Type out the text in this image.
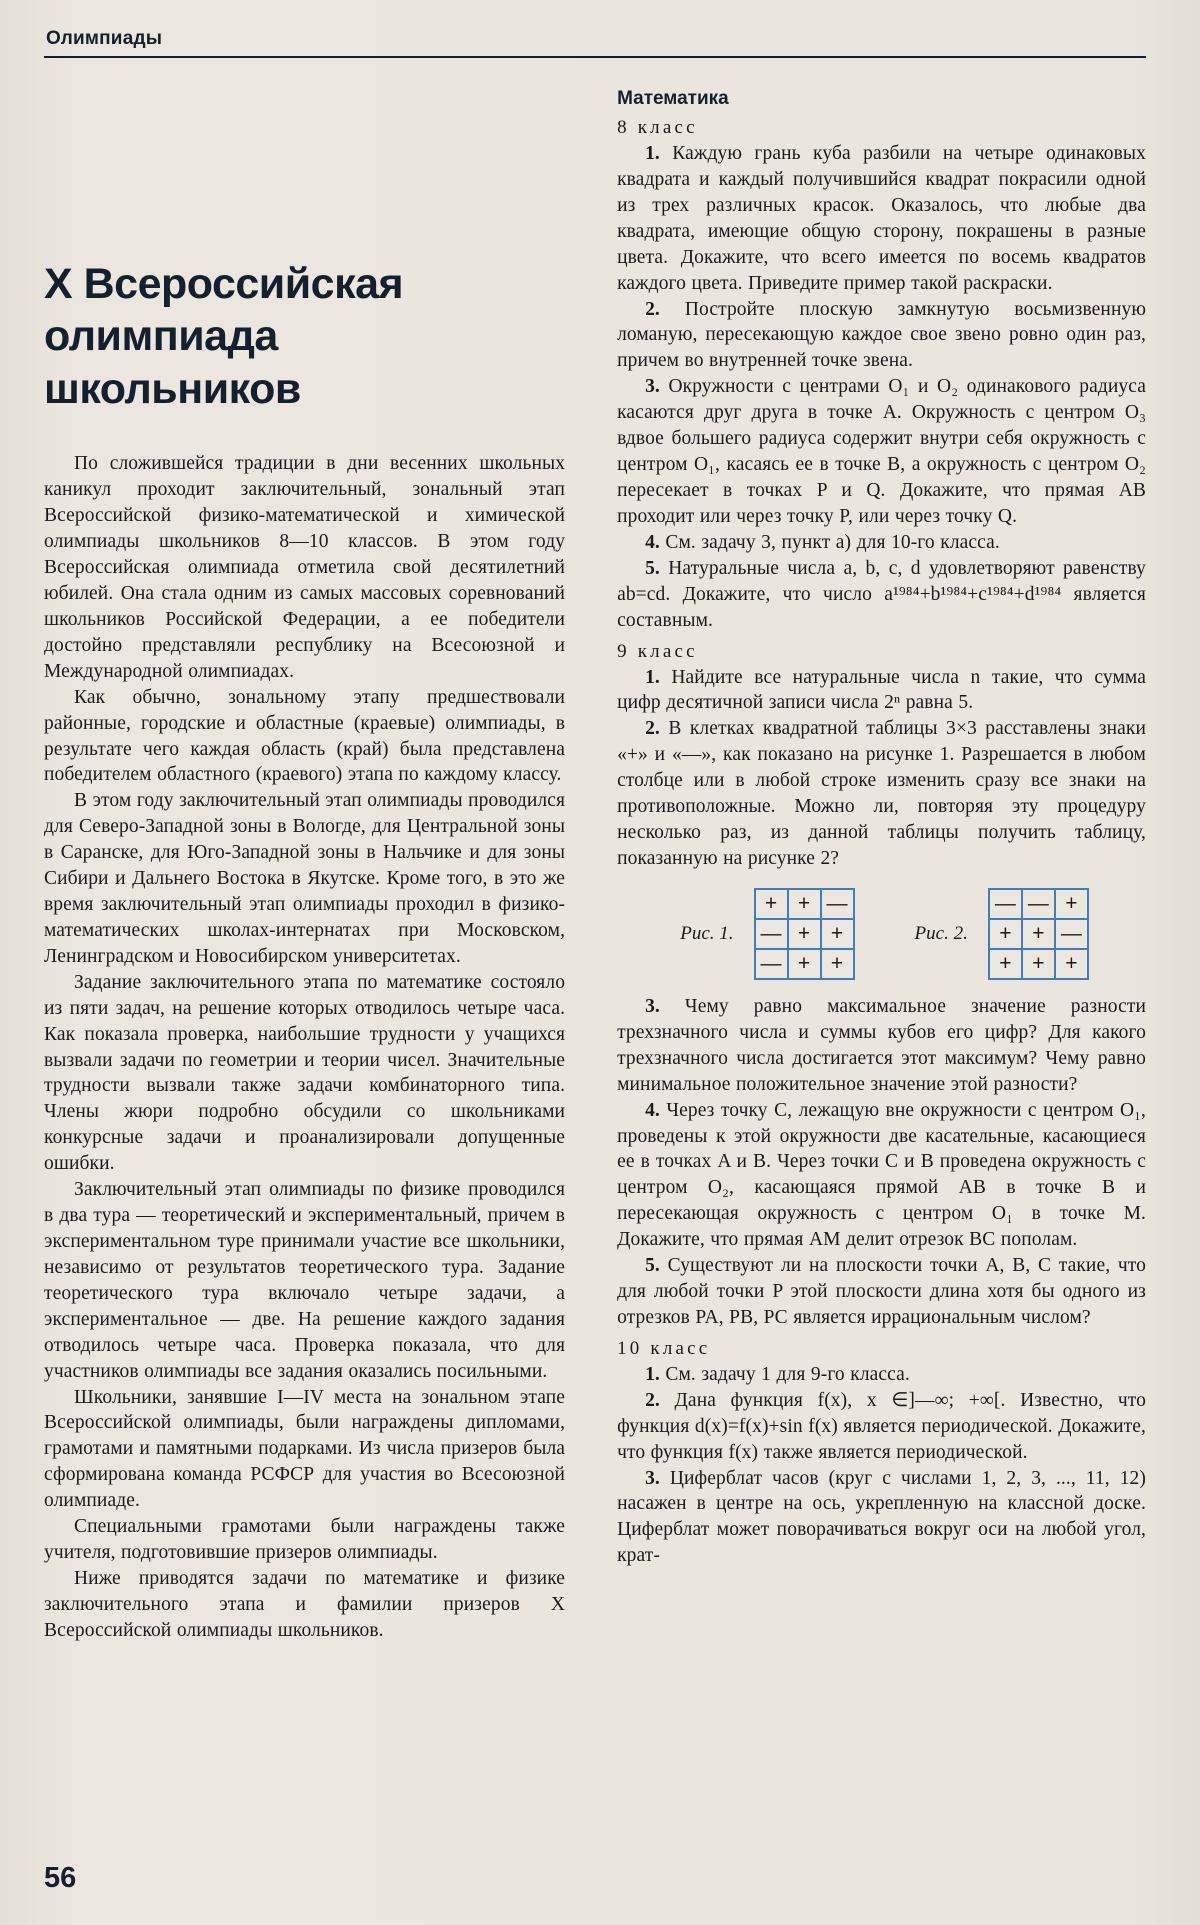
Олимпиады
X Всероссийская
олимпиада
школьников

По сложившейся традиции в дни весенних школьных каникул проходит заключительный, зональный этап Всероссийской физико-математической и химической олимпиады школьников 8—10 классов. В этом году Всероссийская олимпиада отметила свой десятилетний юбилей. Она стала одним из самых массовых соревнований школьников Российской Федерации, а ее победители достойно представляли республику на Всесоюзной и Международной олимпиадах.

Как обычно, зональному этапу предшествовали районные, городские и областные (краевые) олимпиады, в результате чего каждая область (край) была представлена победителем областного (краевого) этапа по каждому классу.

В этом году заключительный этап олимпиады проводился для Северо-Западной зоны в Вологде, для Центральной зоны в Саранске, для Юго-Западной зоны в Нальчике и для зоны Сибири и Дальнего Востока в Якутске. Кроме того, в это же время заключительный этап олимпиады проходил в физико-математических школах-интернатах при Московском, Ленинградском и Новосибирском университетах.

Задание заключительного этапа по математике состояло из пяти задач, на решение которых отводилось четыре часа. Как показала проверка, наибольшие трудности у учащихся вызвали задачи по геометрии и теории чисел. Значительные трудности вызвали также задачи комбинаторного типа. Члены жюри подробно обсудили со школьниками конкурсные задачи и проанализировали допущенные ошибки.

Заключительный этап олимпиады по физике проводился в два тура — теоретический и экспериментальный, причем в экспериментальном туре принимали участие все школьники, независимо от результатов теоретического тура. Задание теоретического тура включало четыре задачи, а экспериментальное — две. На решение каждого задания отводилось четыре часа. Проверка показала, что для участников олимпиады все задания оказались посильными.

Школьники, занявшие I—IV места на зональном этапе Всероссийской олимпиады, были награждены дипломами, грамотами и памятными подарками. Из числа призеров была сформирована команда РСФСР для участия во Всесоюзной олимпиаде.

Специальными грамотами были награждены также учителя, подготовившие призеров олимпиады.

Ниже приводятся задачи по математике и физике заключительного этапа и фамилии призеров X Всероссийской олимпиады школьников.

Математика
8 класс

1. Каждую грань куба разбили на четыре одинаковых квадрата и каждый получившийся квадрат покрасили одной из трех различных красок. Оказалось, что любые два квадрата, имеющие общую сторону, покрашены в разные цвета. Докажите, что всего имеется по восемь квадратов каждого цвета. Приведите пример такой раскраски.

2. Постройте плоскую замкнутую восьмизвенную ломаную, пересекающую каждое свое звено ровно один раз, причем во внутренней точке звена.

3. Окружности с центрами O₁ и O₂ одинакового радиуса касаются друг друга в точке A. Окружность с центром O₃ вдвое большего радиуса содержит внутри себя окружность с центром O₁, касаясь ее в точке B, а окружность с центром O₂ пересекает в точках P и Q. Докажите, что прямая AB проходит или через точку P, или через точку Q.

4. См. задачу 3, пункт а) для 10-го класса.

5. Натуральные числа a, b, c, d удовлетворяют равенству ab=cd. Докажите, что число a¹⁹⁸⁴+b¹⁹⁸⁴+c¹⁹⁸⁴+d¹⁹⁸⁴ является составным.

9 класс

1. Найдите все натуральные числа n такие, что сумма цифр десятичной записи числа 2ⁿ равна 5.

2. В клетках квадратной таблицы 3×3 расставлены знаки «+» и «—», как показано на рисунке 1. Разрешается в любом столбце или в любой строке изменить сразу все знаки на противоположные. Можно ли, повторяя эту процедуру несколько раз, из данной таблицы получить таблицу, показанную на рисунке 2?

Рис. 1.
+ + —
— + +
— + +
Рис. 2.
— — +
+ + —
+ + +

3. Чему равно максимальное значение разности трехзначного числа и суммы кубов его цифр? Для какого трехзначного числа достигается этот максимум? Чему равно минимальное положительное значение этой разности?

4. Через точку C, лежащую вне окружности с центром O₁, проведены к этой окружности две касательные, касающиеся ее в точках A и B. Через точки C и B проведена окружность с центром O₂, касающаяся прямой AB в точке B и пересекающая окружность с центром O₁ в точке M. Докажите, что прямая AM делит отрезок BC пополам.

5. Существуют ли на плоскости точки A, B, C такие, что для любой точки P этой плоскости длина хотя бы одного из отрезков PA, PB, PC является иррациональным числом?

10 класс

1. См. задачу 1 для 9-го класса.

2. Дана функция f(x), x ∈]—∞; +∞[. Известно, что функция d(x)=f(x)+sin f(x) является периодической. Докажите, что функция f(x) также является периодической.

3. Циферблат часов (круг с числами 1, 2, 3, ..., 11, 12) насажен в центре на ось, укрепленную на классной доске. Циферблат может поворачиваться вокруг оси на любой угол, крат-

56
